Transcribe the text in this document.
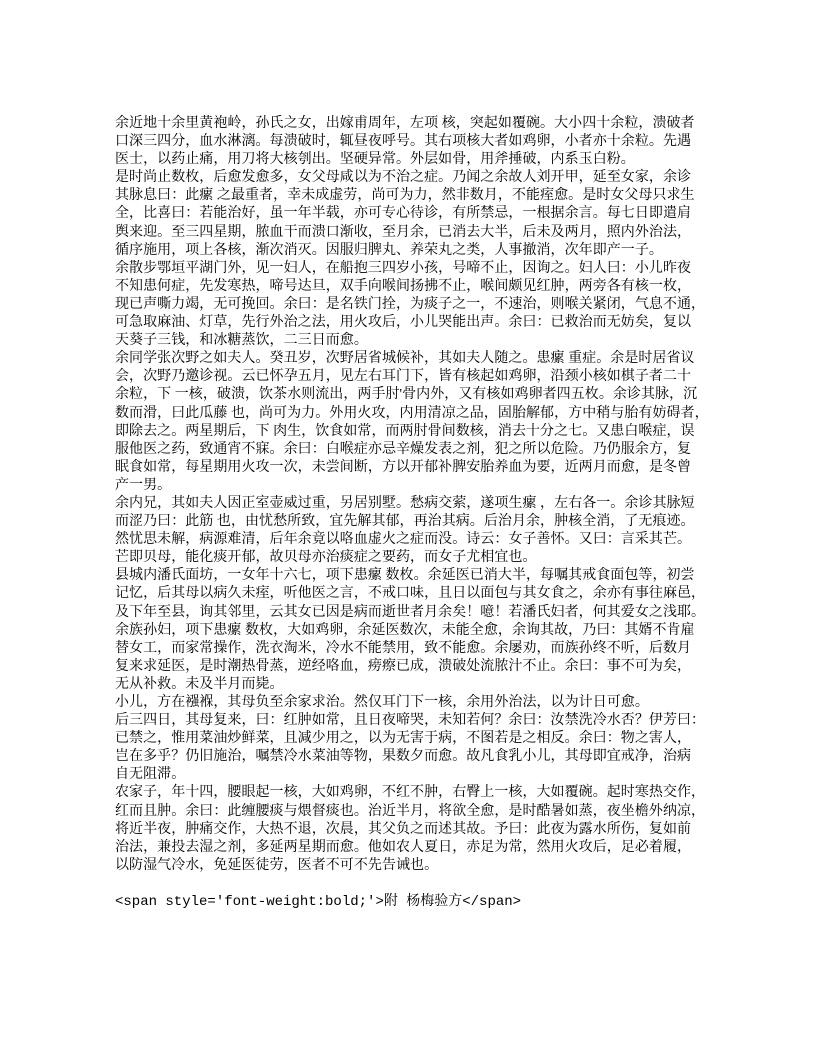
余近地十余里黄袍岭，孙氏之女，出嫁甫周年，左项 核，突起如覆碗。大小四十余粒，溃破者
口深三四分，血水淋漓。每溃破时，辄昼夜呼号。其右项核大者如鸡卵，小者亦十余粒。先遇
医士，以药止痛，用刀将大核刳出。坚硬异常。外层如骨，用斧捶破，内系玉白粉。
是时尚止数枚，后愈发愈多，女父母咸以为不治之症。乃闻之余故人刘开甲，延至女家，余诊
其脉息曰：此瘰 之最重者，幸未成虚劳，尚可为力，然非数月，不能痓愈。是时女父母只求生
全，比喜曰：若能治好，虽一年半载，亦可专心待诊，有所禁忌，一根据余言。每七日即遣肩
舆来迎。至三四星期，脓血干而溃口渐收，至月余，已消去大半，后未及两月，照内外治法，
循序施用，项上各核，渐次消灭。因服归脾丸、养荣丸之类，人事撤消，次年即产一子。
余散步鄂垣平湖门外，见一妇人，在船抱三四岁小孩，号啼不止，因询之。妇人曰：小儿昨夜
不知患何症，先发寒热，啼号达旦，双手向喉间扬拂不止，喉间颇见红肿，两旁各有核一枚，
现已声嘶力竭，无可挽回。余曰：是名铁门拴，为痰子之一，不速治，则喉关紧闭，气息不通，
可急取麻油、灯草，先行外治之法，用火攻后，小儿哭能出声。余曰：已救治而无妨矣，复以
天葵子三钱，和冰糖蒸饮，二三日而愈。
余同学张次野之如夫人。癸丑岁，次野居省城候补，其如夫人随之。患瘰 重症。余是时居省议
会，次野乃邀诊视。云已怀孕五月，见左右耳门下，皆有核起如鸡卵，沿颈小核如棋子者二十
余粒，下 一核，破溃，饮茶水则流出，两手肘'骨内外，又有核如鸡卵者四五枚。余诊其脉，沉
数而滑，曰此瓜藤 也，尚可为力。外用火攻，内用清凉之品，固胎解郁，方中稍与胎有妨碍者，
即除去之。两星期后，下 肉生，饮食如常，而两肘骨间数核，消去十分之七。又患白喉症，误
服他医之药，致通宵不寐。余曰：白喉症亦忌辛燥发表之剂，犯之所以危险。乃仍服余方，复
眠食如常，每星期用火攻一次，未尝间断，方以开郁补脾安胎养血为要，近两月而愈，是冬曾
产一男。
余内兄，其如夫人因正室壶威过重，另居别墅。愁病交萦，遂项生瘰 ，左右各一。余诊其脉短
而涩乃曰：此筋 也，由忧愁所致，宜先解其郁，再治其病。后治月余，肿核全消，了无痕迹。
然忧思未解，病源难清，后年余竟以咯血虚火之症而没。诗云：女子善怀。又曰：言采其芒。
芒即贝母，能化痰开郁，故贝母亦治痰症之要药，而女子尤相宜也。
县城内潘氏面坊，一女年十六七，项下患瘰 数枚。余延医已消大半，每嘱其戒食面包等，初尝
记忆，后其母以病久未痓，听他医之言，不戒口味，且日以面包与其女食之，余亦有事往麻邑，
及下年至县，询其邻里，云其女已因是病而逝世者月余矣！噫！若潘氏妇者，何其爱女之浅耶。
余族孙妇，项下患瘰 数枚，大如鸡卵，余延医数次，未能全愈，余询其故，乃曰：其婿不肯雇
替女工，而家常操作，洗衣淘米，冷水不能禁用，致不能愈。余屡劝，而族孙终不听，后数月
复来求延医，是时潮热骨蒸，逆经咯血，痨瘵已成，溃破处流脓汁不止。余曰：事不可为矣，
无从补救。未及半月而毙。
小儿，方在襁褓，其母负至余家求治。然仅耳门下一核，余用外治法，以为计日可愈。
后三四日，其母复来，曰：红肿如常，且日夜啼哭，未知若何？余曰：汝禁洗冷水否？伊芳曰：
已禁之，惟用菜油炒鲜菜，且减少用之，以为无害于病，不图若是之相反。余曰：物之害人，
岂在多乎？仍旧施治，嘱禁冷水菜油等物，果数夕而愈。故凡食乳小儿，其母即宜戒净，治病
自无阻滞。
农家子，年十四，腰眼起一核，大如鸡卵，不红不肿，右臀上一核，大如覆碗。起时寒热交作，
红而且肿。余曰：此缠腰痰与煨督痰也。治近半月，将欲全愈，是时酷暑如蒸，夜坐檐外纳凉，
将近半夜，肿痛交作，大热不退，次晨，其父负之而述其故。予曰：此夜为露水所伤，复如前
治法，兼投去湿之剂，多延两星期而愈。他如农人夏日，赤足为常，然用火攻后，足必着履，
以防湿气冷水，免延医徒劳，医者不可不先告诫也。
<span style='font-weight:bold;'>附 杨梅验方</span>
